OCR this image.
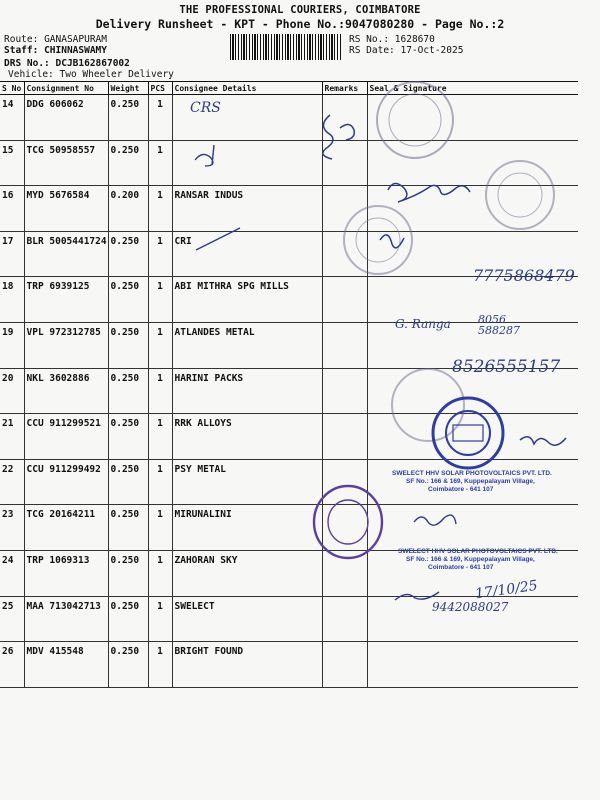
THE PROFESSIONAL COURIERS, COIMBATORE
Delivery Runsheet - KPT - Phone No.:9047080280 - Page No.:2
Route: GANASAPURAM
Staff: CHINNASWAMY
DRS No.: DCJB162867002
Vehicle: Two Wheeler Delivery
RS No.: 1628670
RS Date: 17-Oct-2025
S No	Consignment No	Weight	PCS	Consignee Details	Remarks	Seal & Signature
14	DDG 606062	0.250	1			
15	TCG 50958557	0.250	1			
16	MYD 5676584	0.200	1	RANSAR INDUS		
17	BLR 5005441724	0.250	1	CRI		
18	TRP 6939125	0.250	1	ABI MITHRA SPG MILLS		
19	VPL 972312785	0.250	1	ATLANDES METAL		
20	NKL 3602886	0.250	1	HARINI PACKS		
21	CCU 911299521	0.250	1	RRK ALLOYS		
22	CCU 911299492	0.250	1	PSY METAL		
23	TCG 20164211	0.250	1	MIRUNALINI		
24	TRP 1069313	0.250	1	ZAHORAN SKY		
25	MAA 713042713	0.250	1	SWELECT		
26	MDV 415548	0.250	1	BRIGHT FOUND		
CRS
7775868479
G. Ranga 8056 588287
8526555157
17/10/25
9442088027
SWELECT HHV SOLAR PHOTOVOLTAICS PVT. LTD.
SF No.: 166 & 169, Kuppepalayam Village,
Coimbatore - 641 107
SWELECT HHV SOLAR PHOTOVOLTAICS PVT. LTD.
SF No.: 166 & 169, Kuppepalayam Village,
Coimbatore - 641 107
